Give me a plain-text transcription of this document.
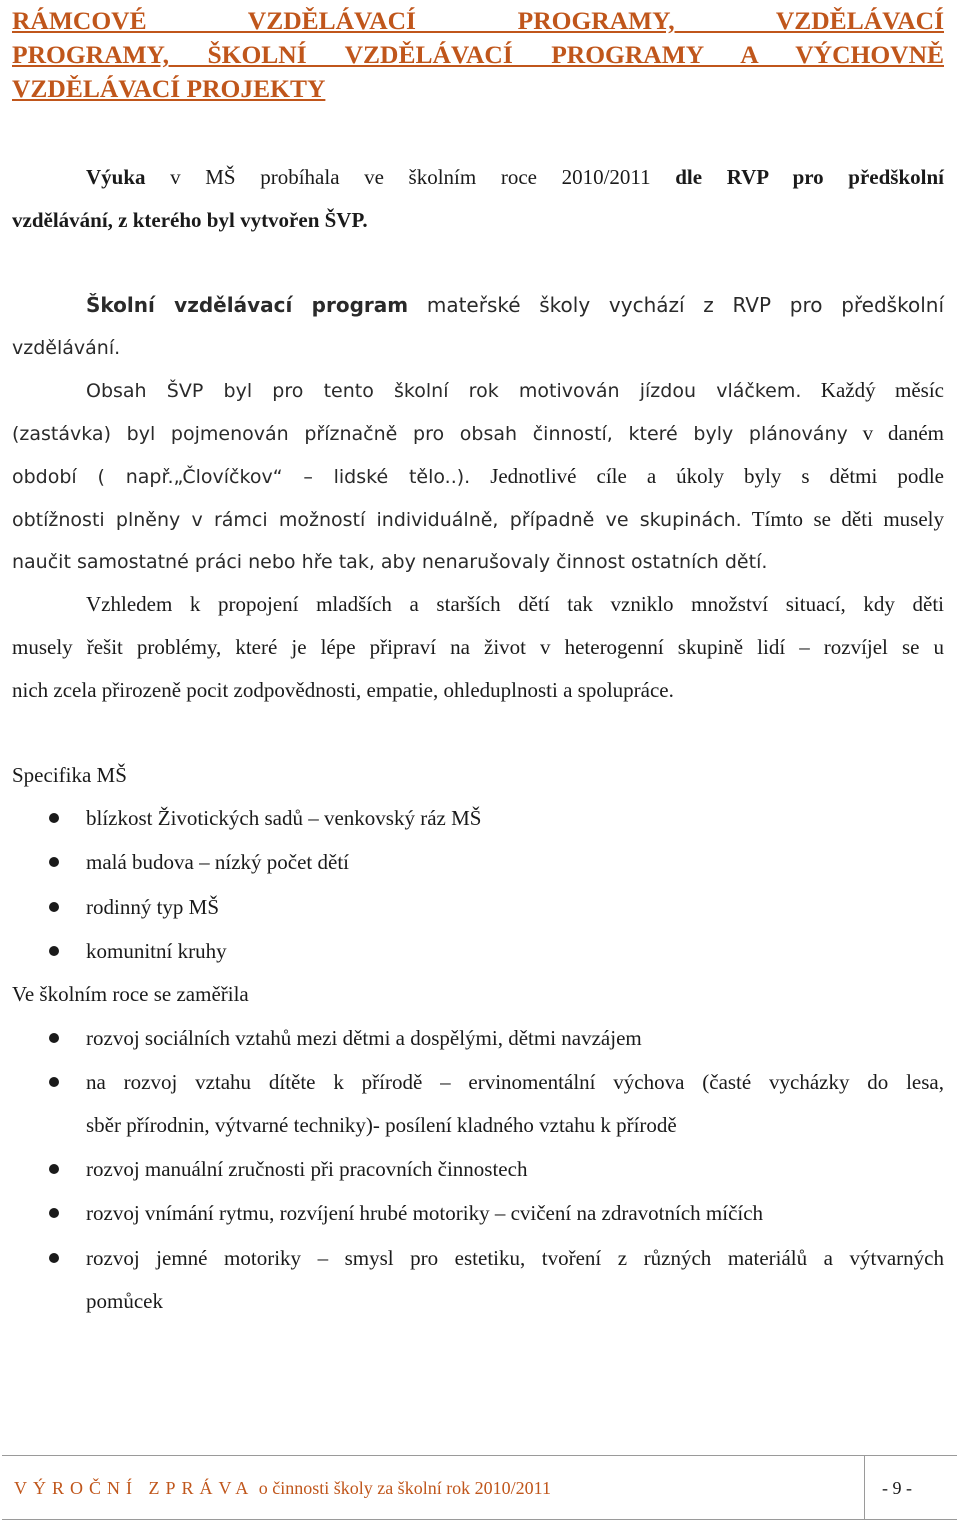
RÁMCOVÉ VZDĚLÁVACÍ PROGRAMY, VZDĚLÁVACÍ
PROGRAMY, ŠKOLNÍ VZDĚLÁVACÍ PROGRAMY A VÝCHOVNĚ
VZDĚLÁVACÍ PROJEKTY
Výuka v MŠ probíhala ve školním roce 2010/2011 dle RVP pro předškolní
vzdělávání, z kterého byl vytvořen ŠVP.
Školní vzdělávací program mateřské školy vychází z RVP pro předškolní
vzdělávání.
Obsah ŠVP byl pro tento školní rok motivován jízdou vláčkem. Každý měsíc
(zastávka) byl pojmenován příznačně pro obsah činností, které byly plánovány v daném
období ( např.„Človíčkov“ – lidské tělo..). Jednotlivé cíle a úkoly byly s dětmi podle
obtížnosti plněny v rámci možností individuálně, případně ve skupinách. Tímto se děti musely
naučit samostatné práci nebo hře tak, aby nenarušovaly činnost ostatních dětí.
Vzhledem k propojení mladších a starších dětí tak vzniklo množství situací, kdy děti
musely řešit problémy, které je lépe připraví na život v heterogenní skupině lidí – rozvíjel se u
nich zcela přirozeně pocit zodpovědnosti, empatie, ohleduplnosti a spolupráce.
Specifika MŠ
blízkost Životických sadů – venkovský ráz MŠ
malá budova – nízký počet dětí
rodinný typ MŠ
komunitní kruhy
Ve školním roce se zaměřila
rozvoj sociálních vztahů mezi dětmi a dospělými, dětmi navzájem
na rozvoj vztahu dítěte k přírodě – ervinomentální výchova (časté vycházky do lesa,
sběr přírodnin, výtvarné techniky)- posílení kladného vztahu k přírodě
rozvoj manuální zručnosti při pracovních činnostech
rozvoj vnímání rytmu, rozvíjení hrubé motoriky – cvičení na zdravotních míčích
rozvoj jemné motoriky – smysl pro estetiku, tvoření z různých materiálů a výtvarných
pomůcek
VÝROČNÍ ZPRÁVA o činnosti školy za školní rok 2010/2011	- 9 -
